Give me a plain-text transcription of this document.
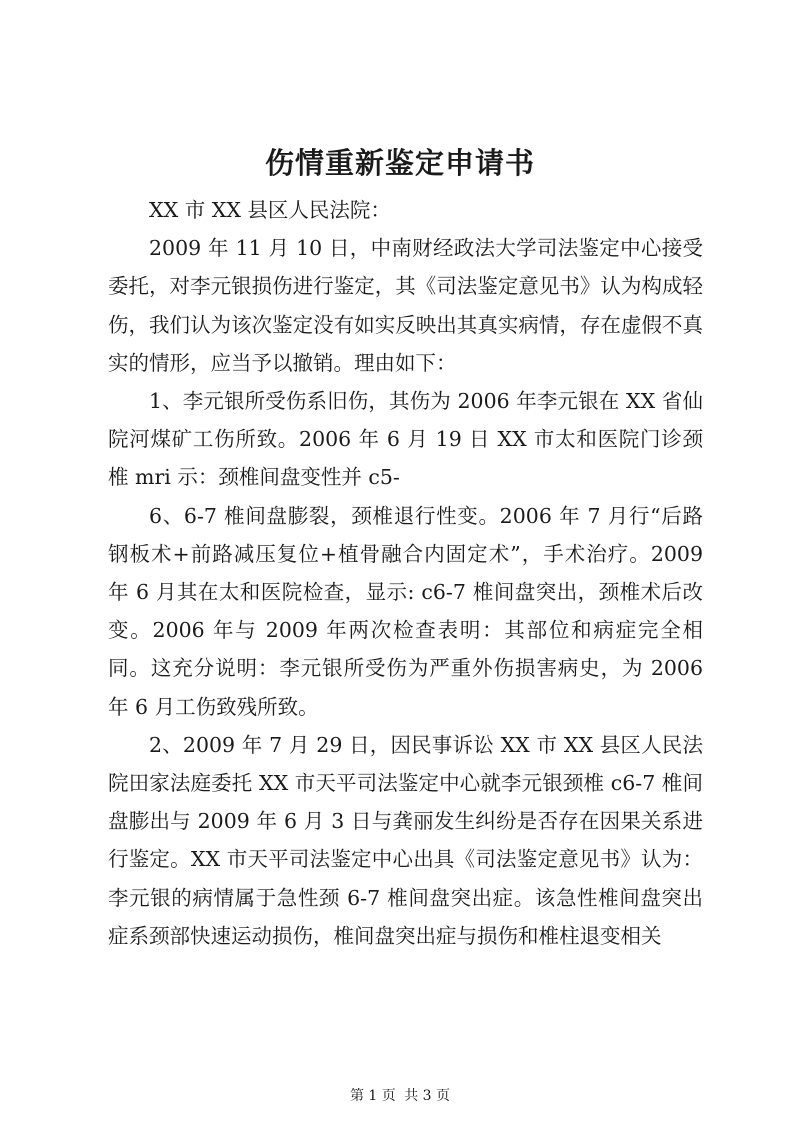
伤情重新鉴定申请书

XX 市 XX 县区人民法院：

2009 年 11 月 10 日，中南财经政法大学司法鉴定中心接受委托，对李元银损伤进行鉴定，其《司法鉴定意见书》认为构成轻伤，我们认为该次鉴定没有如实反映出其真实病情，存在虚假不真实的情形，应当予以撤销。理由如下：

1、李元银所受伤系旧伤，其伤为 2006 年李元银在 XX 省仙院河煤矿工伤所致。2006 年 6 月 19 日 XX 市太和医院门诊颈椎 mri 示：颈椎间盘变性并 c5-

6、6-7 椎间盘膨裂，颈椎退行性变。2006 年 7 月行“后路钢板术+前路减压复位+植骨融合内固定术”，手术治疗。2009 年 6 月其在太和医院检查，显示: c6-7 椎间盘突出，颈椎术后改变。2006 年与 2009 年两次检查表明：其部位和病症完全相同。这充分说明：李元银所受伤为严重外伤损害病史，为 2006 年 6 月工伤致残所致。

2、2009 年 7 月 29 日，因民事诉讼 XX 市 XX 县区人民法院田家法庭委托 XX 市天平司法鉴定中心就李元银颈椎 c6-7 椎间盘膨出与 2009 年 6 月 3 日与龚丽发生纠纷是否存在因果关系进行鉴定。XX 市天平司法鉴定中心出具《司法鉴定意见书》认为：李元银的病情属于急性颈 6-7 椎间盘突出症。该急性椎间盘突出症系颈部快速运动损伤，椎间盘突出症与损伤和椎柱退变相关

第 1 页 共 3 页
